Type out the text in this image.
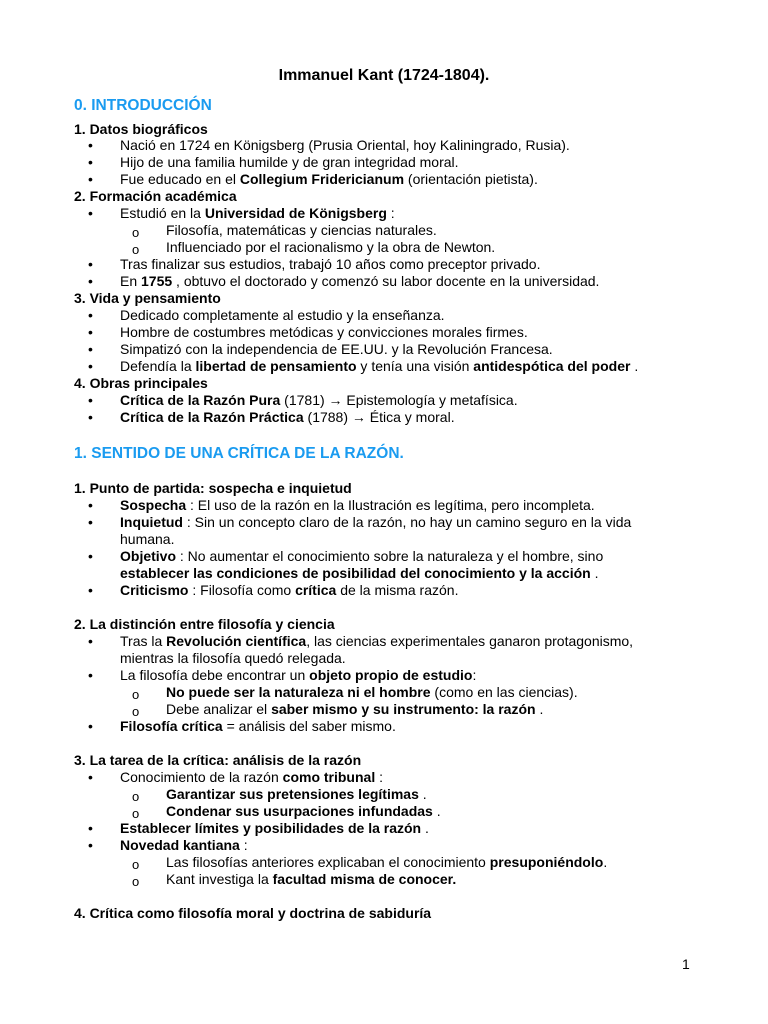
Immanuel Kant (1724-1804).
0. INTRODUCCIÓN
1. Datos biográficos
•	Nació en 1724 en Königsberg (Prusia Oriental, hoy Kaliningrado, Rusia).
•	Hijo de una familia humilde y de gran integridad moral.
•	Fue educado en el Collegium Fridericianum (orientación pietista).
2. Formación académica
•	Estudió en la Universidad de Königsberg :
o Filosofía, matemáticas y ciencias naturales.
o Influenciado por el racionalismo y la obra de Newton.
•	Tras finalizar sus estudios, trabajó 10 años como preceptor privado.
•	En 1755 , obtuvo el doctorado y comenzó su labor docente en la universidad.
3. Vida y pensamiento
•	Dedicado completamente al estudio y la enseñanza.
•	Hombre de costumbres metódicas y convicciones morales firmes.
•	Simpatizó con la independencia de EE.UU. y la Revolución Francesa.
•	Defendía la libertad de pensamiento y tenía una visión antidespótica del poder .
4. Obras principales
•	Crítica de la Razón Pura (1781) → Epistemología y metafísica.
•	Crítica de la Razón Práctica (1788) → Ética y moral.
1. SENTIDO DE UNA CRÍTICA DE LA RAZÓN.
1. Punto de partida: sospecha e inquietud
•	Sospecha : El uso de la razón en la Ilustración es legítima, pero incompleta.
•	Inquietud : Sin un concepto claro de la razón, no hay un camino seguro en la vida
humana.
•	Objetivo : No aumentar el conocimiento sobre la naturaleza y el hombre, sino
establecer las condiciones de posibilidad del conocimiento y la acción .
•	Criticismo : Filosofía como crítica de la misma razón.
2. La distinción entre filosofía y ciencia
•	Tras la Revolución científica, las ciencias experimentales ganaron protagonismo,
mientras la filosofía quedó relegada.
•	La filosofía debe encontrar un objeto propio de estudio:
o No puede ser la naturaleza ni el hombre (como en las ciencias).
o Debe analizar el saber mismo y su instrumento: la razón .
•	Filosofía crítica = análisis del saber mismo.
3. La tarea de la crítica: análisis de la razón
•	Conocimiento de la razón como tribunal :
o Garantizar sus pretensiones legítimas .
o Condenar sus usurpaciones infundadas .
•	Establecer límites y posibilidades de la razón .
•	Novedad kantiana :
o Las filosofías anteriores explicaban el conocimiento presuponiéndolo.
o Kant investiga la facultad misma de conocer.
4. Crítica como filosofía moral y doctrina de sabiduría
1
